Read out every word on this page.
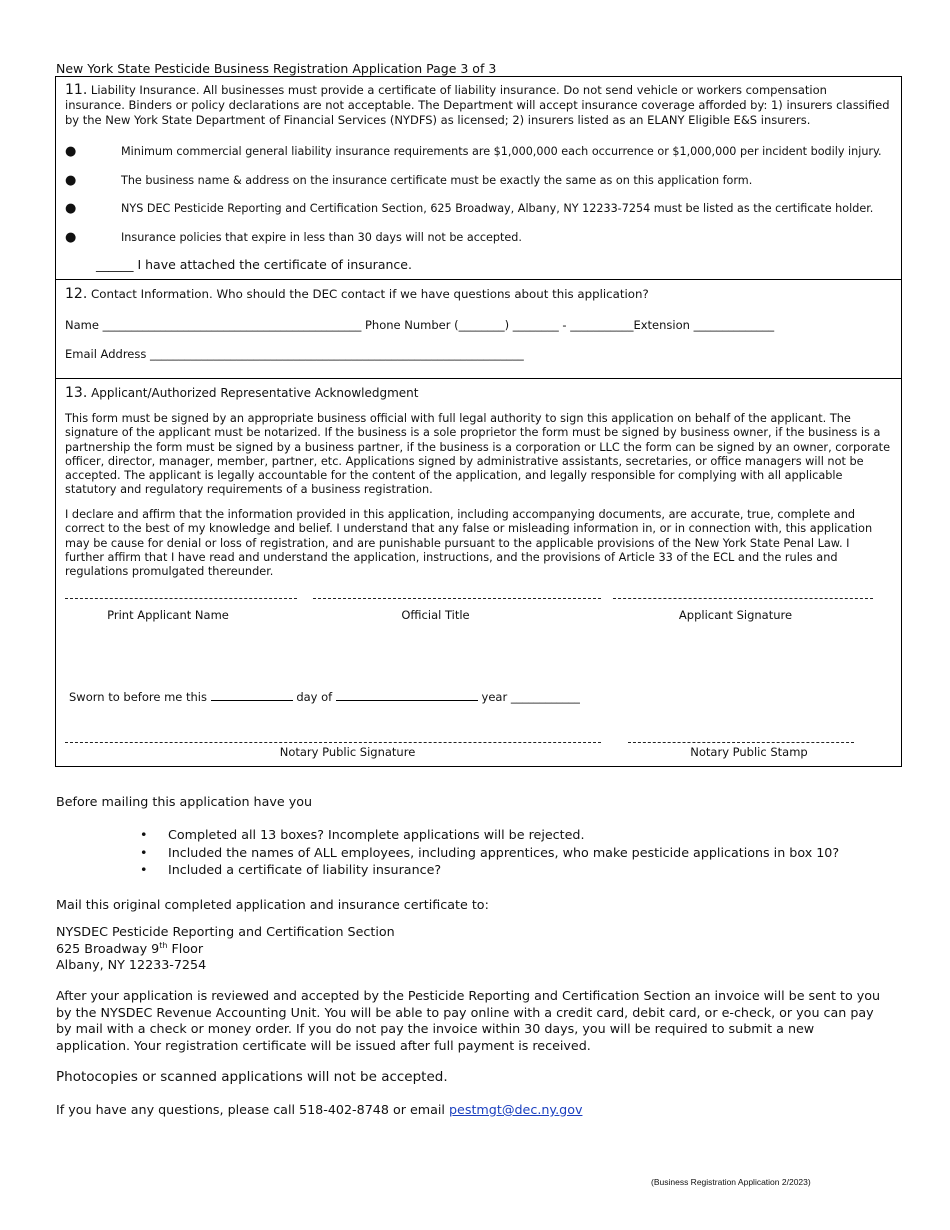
New York State Pesticide Business Registration Application Page 3 of 3
11. Liability Insurance. All businesses must provide a certificate of liability insurance. Do not send vehicle or workers compensation insurance. Binders or policy declarations are not acceptable. The Department will accept insurance coverage afforded by: 1) insurers classified by the New York State Department of Financial Services (NYDFS) as licensed; 2) insurers listed as an ELANY Eligible E&S insurers.
●	Minimum commercial general liability insurance requirements are $1,000,000 each occurrence or $1,000,000 per incident bodily injury.
●	The business name & address on the insurance certificate must be exactly the same as on this application form.
●	NYS DEC Pesticide Reporting and Certification Section, 625 Broadway, Albany, NY 12233-7254 must be listed as the certificate holder.
●	Insurance policies that expire in less than 30 days will not be accepted.
______ I have attached the certificate of insurance.
12. Contact Information. Who should the DEC contact if we have questions about this application?
Name _____________________________________________ Phone Number (________) ________ - ___________Extension ______________
Email Address _________________________________________________________________
13. Applicant/Authorized Representative Acknowledgment
This form must be signed by an appropriate business official with full legal authority to sign this application on behalf of the applicant. The signature of the applicant must be notarized. If the business is a sole proprietor the form must be signed by business owner, if the business is a partnership the form must be signed by a business partner, if the business is a corporation or LLC the form can be signed by an owner, corporate officer, director, manager, member, partner, etc. Applications signed by administrative assistants, secretaries, or office managers will not be accepted. The applicant is legally accountable for the content of the application, and legally responsible for complying with all applicable statutory and regulatory requirements of a business registration.
I declare and affirm that the information provided in this application, including accompanying documents, are accurate, true, complete and correct to the best of my knowledge and belief. I understand that any false or misleading information in, or in connection with, this application may be cause for denial or loss of registration, and are punishable pursuant to the applicable provisions of the New York State Penal Law. I further affirm that I have read and understand the application, instructions, and the provisions of Article 33 of the ECL and the rules and regulations promulgated thereunder.
Print Applicant Name	Official Title	Applicant Signature
Sworn to before me this	day of	year ____________
Notary Public Signature	Notary Public Stamp
Before mailing this application have you
• Completed all 13 boxes? Incomplete applications will be rejected.
• Included the names of ALL employees, including apprentices, who make pesticide applications in box 10?
• Included a certificate of liability insurance?
Mail this original completed application and insurance certificate to:
NYSDEC Pesticide Reporting and Certification Section
625 Broadway 9th Floor
Albany, NY 12233-7254
After your application is reviewed and accepted by the Pesticide Reporting and Certification Section an invoice will be sent to you by the NYSDEC Revenue Accounting Unit. You will be able to pay online with a credit card, debit card, or e-check, or you can pay by mail with a check or money order. If you do not pay the invoice within 30 days, you will be required to submit a new application. Your registration certificate will be issued after full payment is received.
Photocopies or scanned applications will not be accepted.
If you have any questions, please call 518-402-8748 or email pestmgt@dec.ny.gov
(Business Registration Application 2/2023)
